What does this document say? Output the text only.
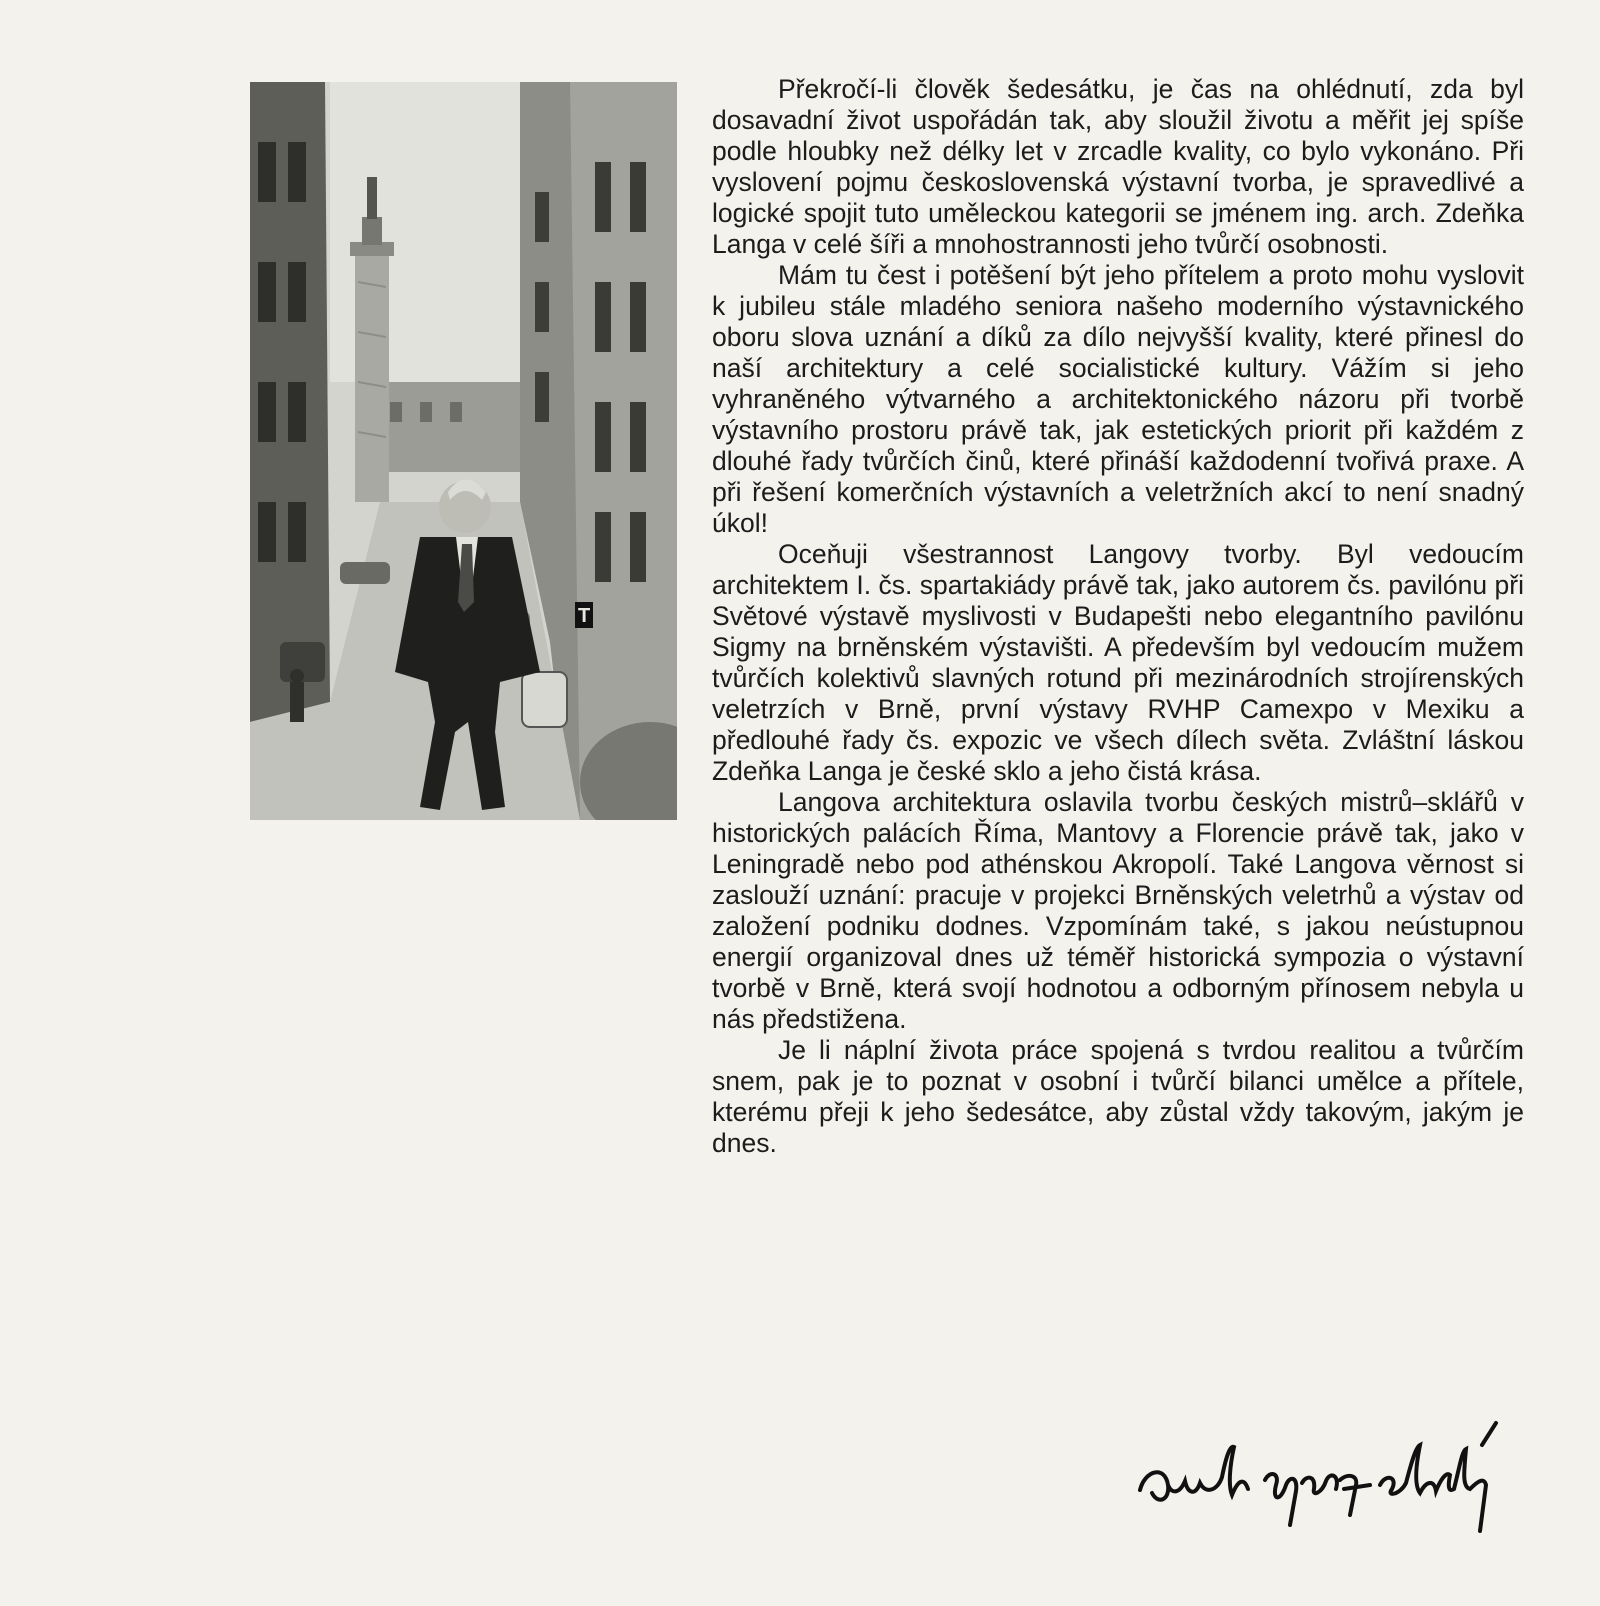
T

Překročí-li člověk šedesátku, je čas na ohlédnutí, zda byl dosavadní život uspořádán tak, aby sloužil životu a měřit jej spíše podle hloubky než délky let v zrcadle kvality, co bylo vykonáno. Při vyslovení pojmu československá výstavní tvorba, je spravedlivé a logické spojit tuto uměleckou kategorii se jménem ing. arch. Zdeňka Langa v celé šíři a mnohostrannosti jeho tvůrčí osobnosti.

Mám tu čest i potěšení být jeho přítelem a proto mohu vyslovit k jubileu stále mladého seniora našeho moderního výstavnického oboru slova uznání a díků za dílo nejvyšší kvality, které přinesl do naší architektury a celé socialistické kultury. Vážím si jeho vyhraněného výtvarného a architektonického názoru při tvorbě výstavního prostoru právě tak, jak estetických priorit při každém z dlouhé řady tvůrčích činů, které přináší každodenní tvořivá praxe. A při řešení komerčních výstavních a veletržních akcí to není snadný úkol!

Oceňuji všestrannost Langovy tvorby. Byl vedoucím architektem I. čs. spartakiády právě tak, jako autorem čs. pavilónu při Světové výstavě myslivosti v Budapešti nebo elegantního pavilónu Sigmy na brněnském výstavišti. A především byl vedoucím mužem tvůrčích kolektivů slavných rotund při mezinárodních strojírenských veletrzích v Brně, první výstavy RVHP Camexpo v Mexiku a předlouhé řady čs. expozic ve všech dílech světa. Zvláštní láskou Zdeňka Langa je české sklo a jeho čistá krása.

Langova architektura oslavila tvorbu českých mistrů–sklářů v historických palácích Říma, Mantovy a Florencie právě tak, jako v Leningradě nebo pod athénskou Akropolí. Také Langova věrnost si zaslouží uznání: pracuje v projekci Brněnských veletrhů a výstav od založení podniku dodnes. Vzpomínám také, s jakou neústupnou energií organizoval dnes už téměř historická sympozia o výstavní tvorbě v Brně, která svojí hodnotou a odborným přínosem nebyla u nás předstižena.

Je li náplní života práce spojená s tvrdou realitou a tvůrčím snem, pak je to poznat v osobní i tvůrčí bilanci umělce a přítele, kterému přeji k jeho šedesátce, aby zůstal vždy takovým, jakým je dnes.
